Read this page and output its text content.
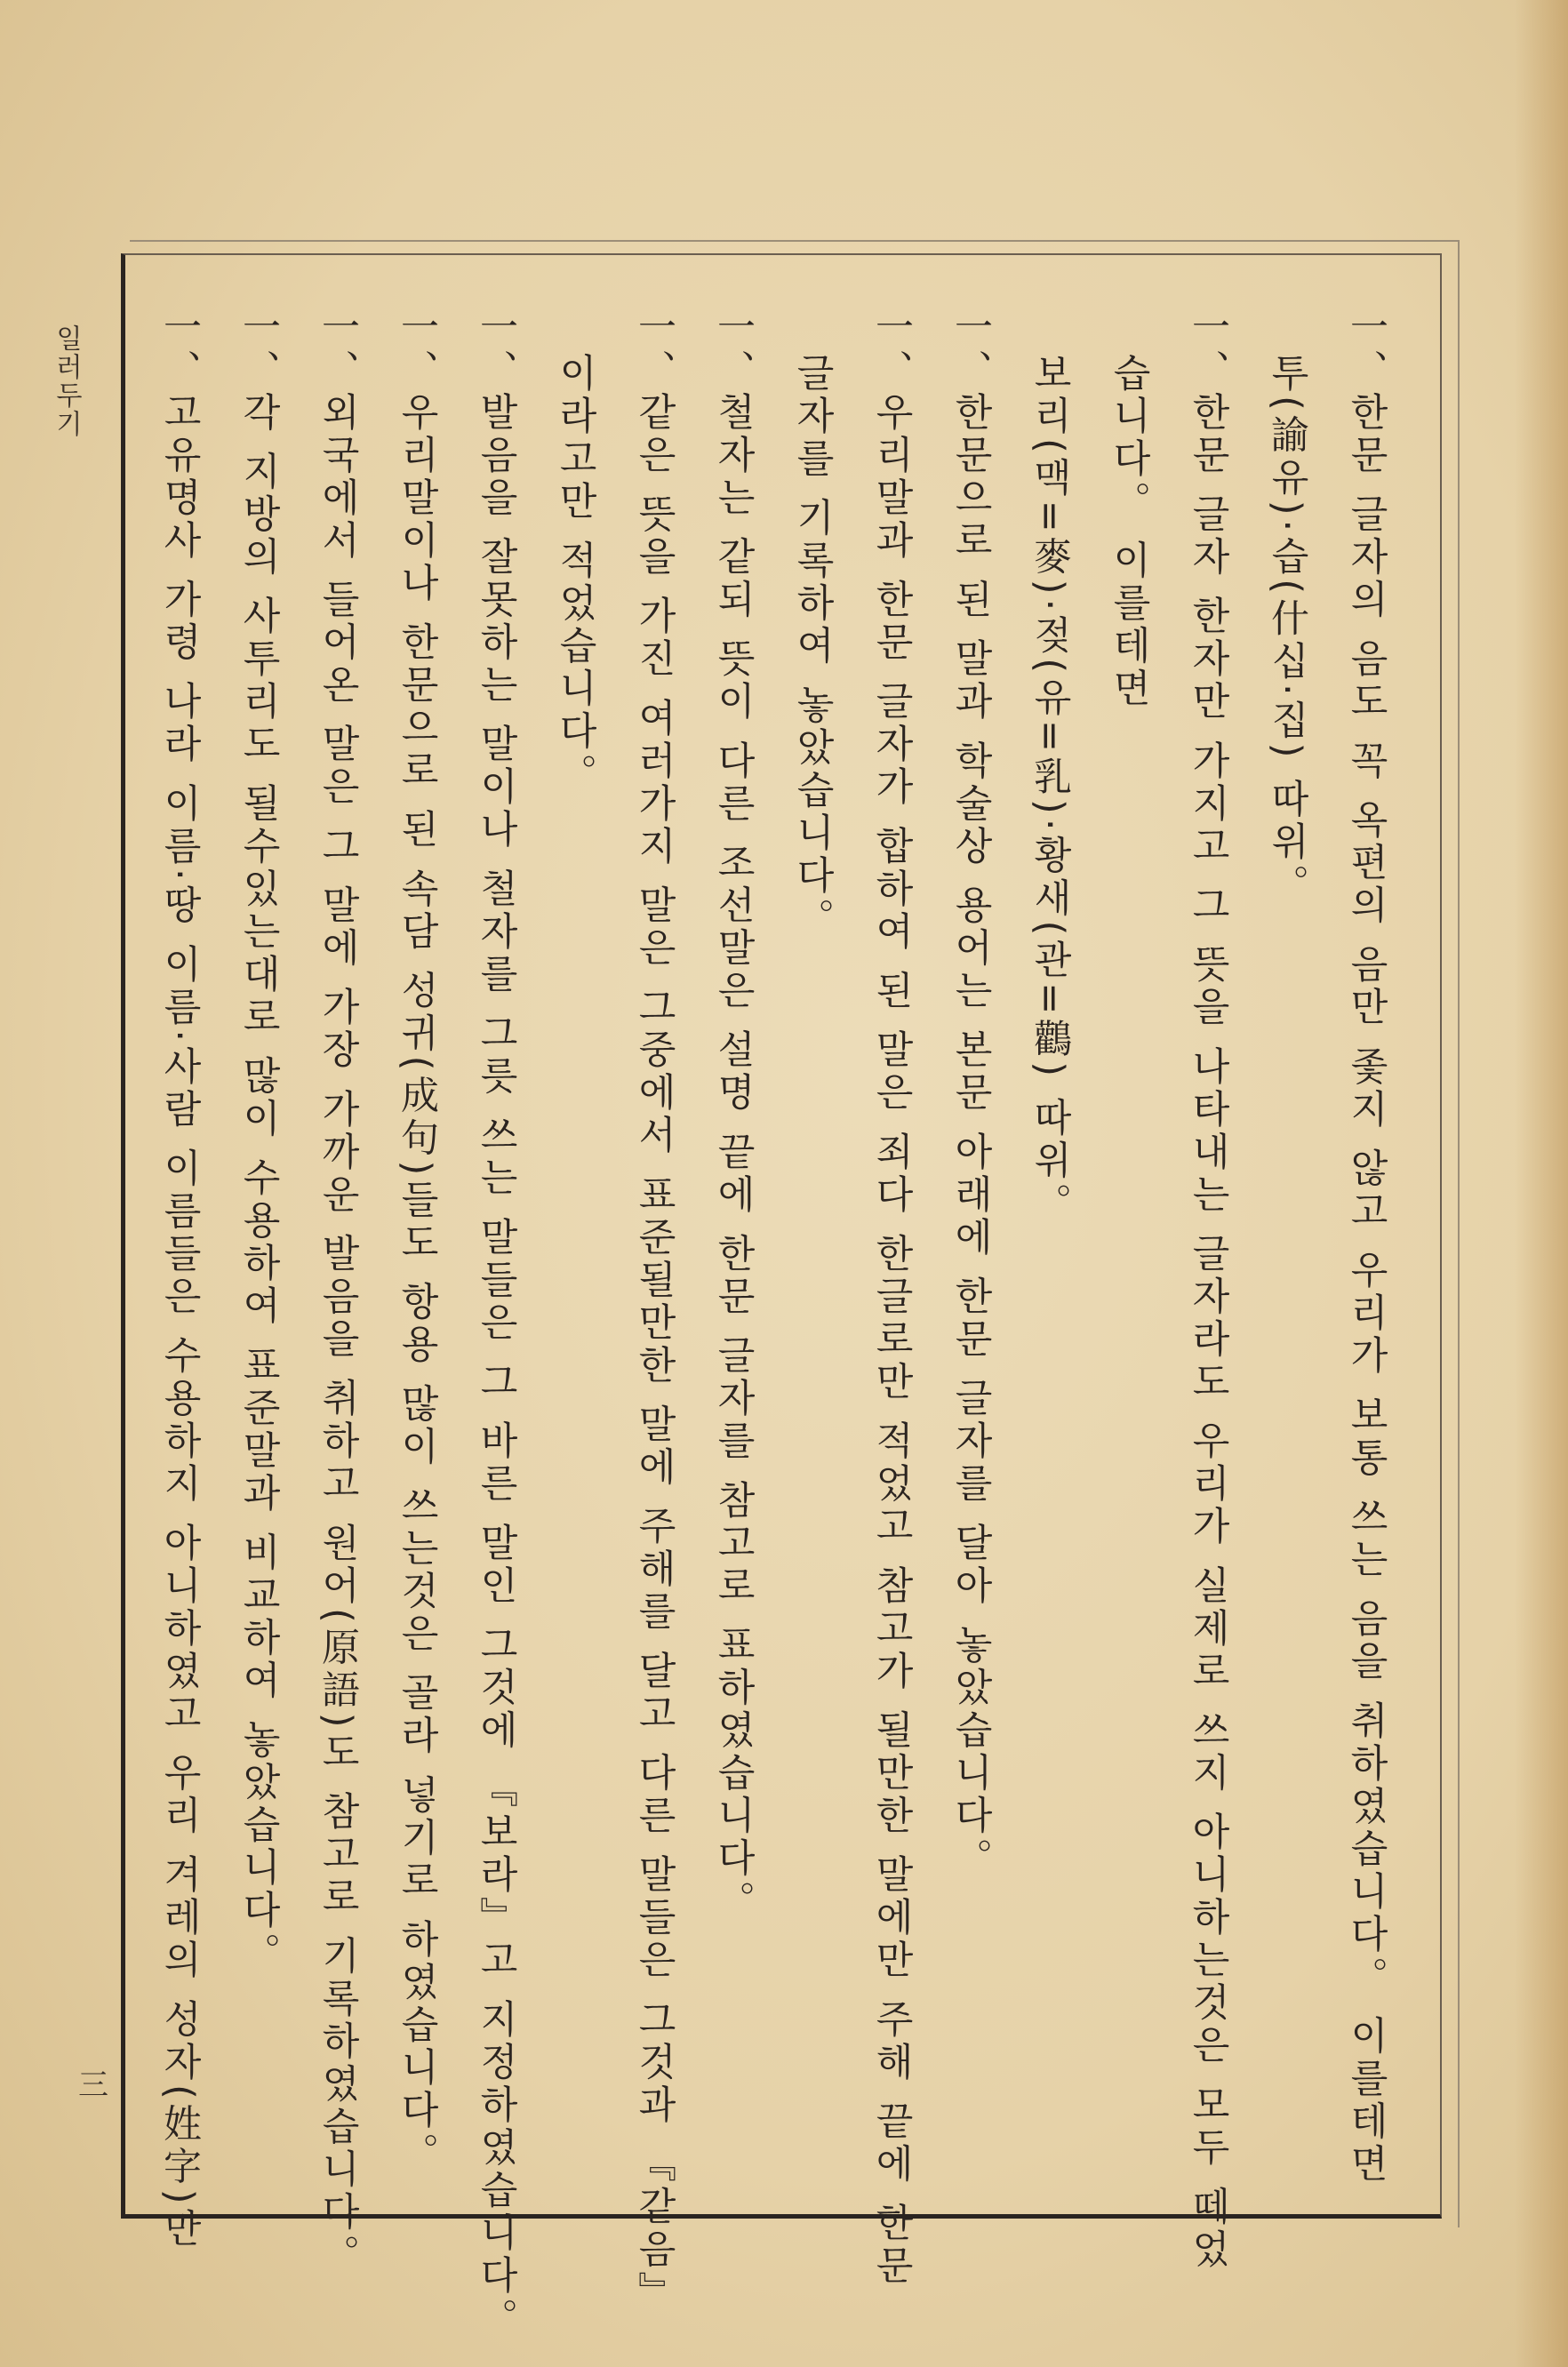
일러두기
三	一、한문 글자의 음도 꼭 옥편의 음만 좇지 않고 우리가 보통 쓰는 음을 취하였습니다。 이를테면
투(諭유)·습(什십·집) 따위。
一、한문 글자 한자만 가지고 그 뜻을 나타내는 글자라도 우리가 실제로 쓰지 아니하는것은 모두 떼었
습니다。 이를테면
보리(맥=麥)·젖(유=乳)·황새(관=鸛) 따위。
一、한문으로 된 말과 학술상 용어는 본문 아래에 한문 글자를 달아 놓았습니다。
一、우리말과 한문 글자가 합하여 된 말은 죄다 한글로만 적었고 참고가 될만한 말에만 주해 끝에 한문
글자를 기록하여 놓았습니다。
一、철자는 같되 뜻이 다른 조선말은 설명 끝에 한문 글자를 참고로 표하였습니다。
一、같은 뜻을 가진 여러가지 말은 그중에서 표준될만한 말에 주해를 달고 다른 말들은 그것과 『같음』
이라고만 적었습니다。
一、발음을 잘못하는 말이나 철자를 그릇 쓰는 말들은 그 바른 말인 그것에 『보라』고 지정하였습니다。
一、우리말이나 한문으로 된 속담 성귀(成句)들도 항용 많이 쓰는것은 골라 넣기로 하였습니다。
一、외국에서 들어온 말은 그 말에 가장 가까운 발음을 취하고 원어(原語)도 참고로 기록하였습니다。
一、각 지방의 사투리도 될수있는대로 많이 수용하여 표준말과 비교하여 놓았습니다。
一、고유명사 가령 나라 이름·땅 이름·사람 이름들은 수용하지 아니하였고 우리 겨레의 성자(姓字)만
